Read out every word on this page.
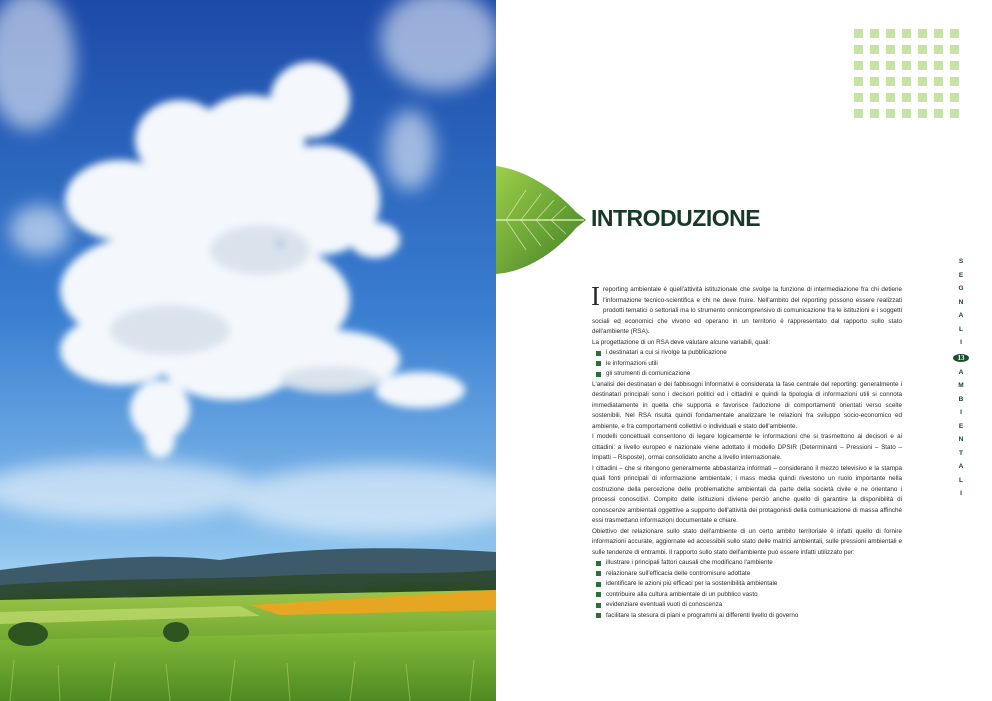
INTRODUZIONE

I reporting ambientale è quell'attività istituzionale che svolge la funzione di intermediazione fra chi detiene l'informazione tecnico-scientifica e chi ne deve fruire. Nell'ambito del reporting possono essere realizzati prodotti tematici o settoriali ma lo strumento onnicomprensivo di comunicazione fra le istituzioni e i soggetti sociali ed economici che vivono ed operano in un territorio è rappresentato dal rapporto sullo stato dell'ambiente (RSA).

La progettazione di un RSA deve valutare alcune variabili, quali:

i destinatari a cui si rivolge la pubblicazione
le informazioni utili
gli strumenti di comunicazione

L'analisi dei destinatari e dei fabbisogni informativi è considerata la fase centrale del reporting: generalmente i destinatari principali sono i decisori politici ed i cittadini e quindi la tipologia di informazioni utili si connota immediatamente in quella che supporta e favorisce l'adozione di comportamenti orientati verso scelte sostenibili. Nel RSA risulta quindi fondamentale analizzare le relazioni fra sviluppo socio-economico ed ambiente, e fra comportamenti collettivi o individuali e stato dell'ambiente.

I modelli concettuali consentono di legare logicamente le informazioni che si trasmettono ai decisori e ai cittadini: a livello europeo e nazionale viene adottato il modello DPSIR (Determinanti – Pressioni – Stato – Impatti – Risposte), ormai consolidato anche a livello internazionale.

I cittadini – che si ritengono generalmente abbastanza informati – considerano il mezzo televisivo e la stampa quali fonti principali di informazione ambientale; i mass media quindi rivestono un ruolo importante nella costruzione della percezione delle problematiche ambientali da parte della società civile e ne orientano i processi conoscitivi. Compito delle istituzioni diviene perciò anche quello di garantire la disponibilità di conoscenze ambientali oggettive a supporto dell'attività dei protagonisti della comunicazione di massa affinché essi trasmettano informazioni documentate e chiare.

Obiettivo del relazionare sullo stato dell'ambiente di un certo ambito territoriale è infatti quello di fornire informazioni accurate, aggiornate ed accessibili sullo stato delle matrici ambientali, sulle pressioni ambientali e sulle tendenze di entrambi. Il rapporto sullo stato dell'ambiente può essere infatti utilizzato per:

illustrare i principali fattori causali che modificano l'ambiente
relazionare sull'efficacia delle contromisure adottate
identificare le azioni più efficaci per la sostenibilità ambientale
contribuire alla cultura ambientale di un pubblico vasto
evidenziare eventuali vuoti di conoscenza
facilitare la stesura di piani e programmi ai differenti livello di governo
S
E
G
N
A
L
I
13
A
M
B
I
E
N
T
A
L
I
